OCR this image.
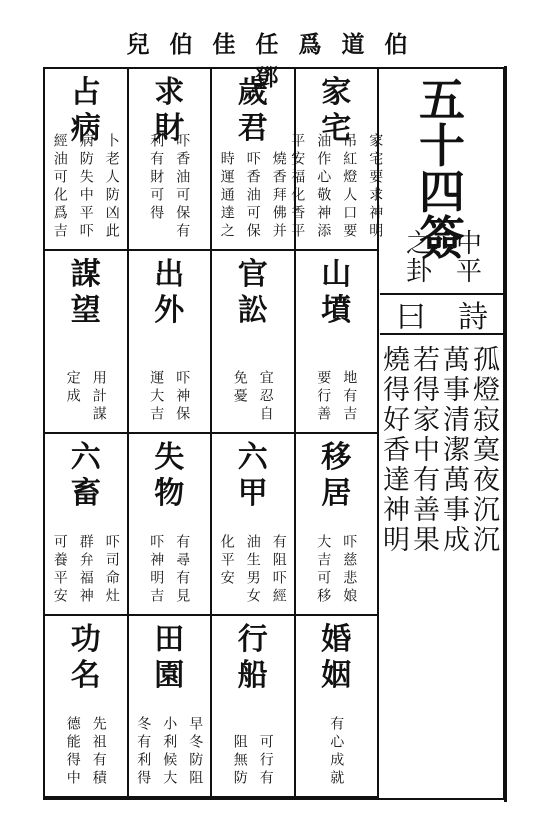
兒 伯 佳 任 爲 道 伯 鄧	家
宅
家宅要求神明
吊紅燈人口要
油作心敬神添
平安福化香平
歲
君
燒香拜佛并
吓香油可保
時運通達之
求
財
吓香油可保有
利有財可得
占
病
卜老人防凶此
病防失中平吓
經油可化爲吉
山
墳
地有吉
要行善
官
訟
宜忍自
免憂
出
外
吓神保
運大吉
謀
望
用計謀
定成
移
居
吓慈悲娘
大吉可移
六
甲
有阻吓經
油生男女
化平安
失
物
有尋有見
吓神明吉
六
畜
吓司命灶
群弁福神
可養平安
婚
姻
有心成就
行
船
可行有
阻無防
田
園
早冬防阻
小利候大
冬有利得
功
名
先祖有積
德能得中
五
十
四
簽
中平
之卦
詩
曰
孤燈寂寞夜沉沉
萬事清潔萬事成
若得家中有善果
燒得好香達神明
